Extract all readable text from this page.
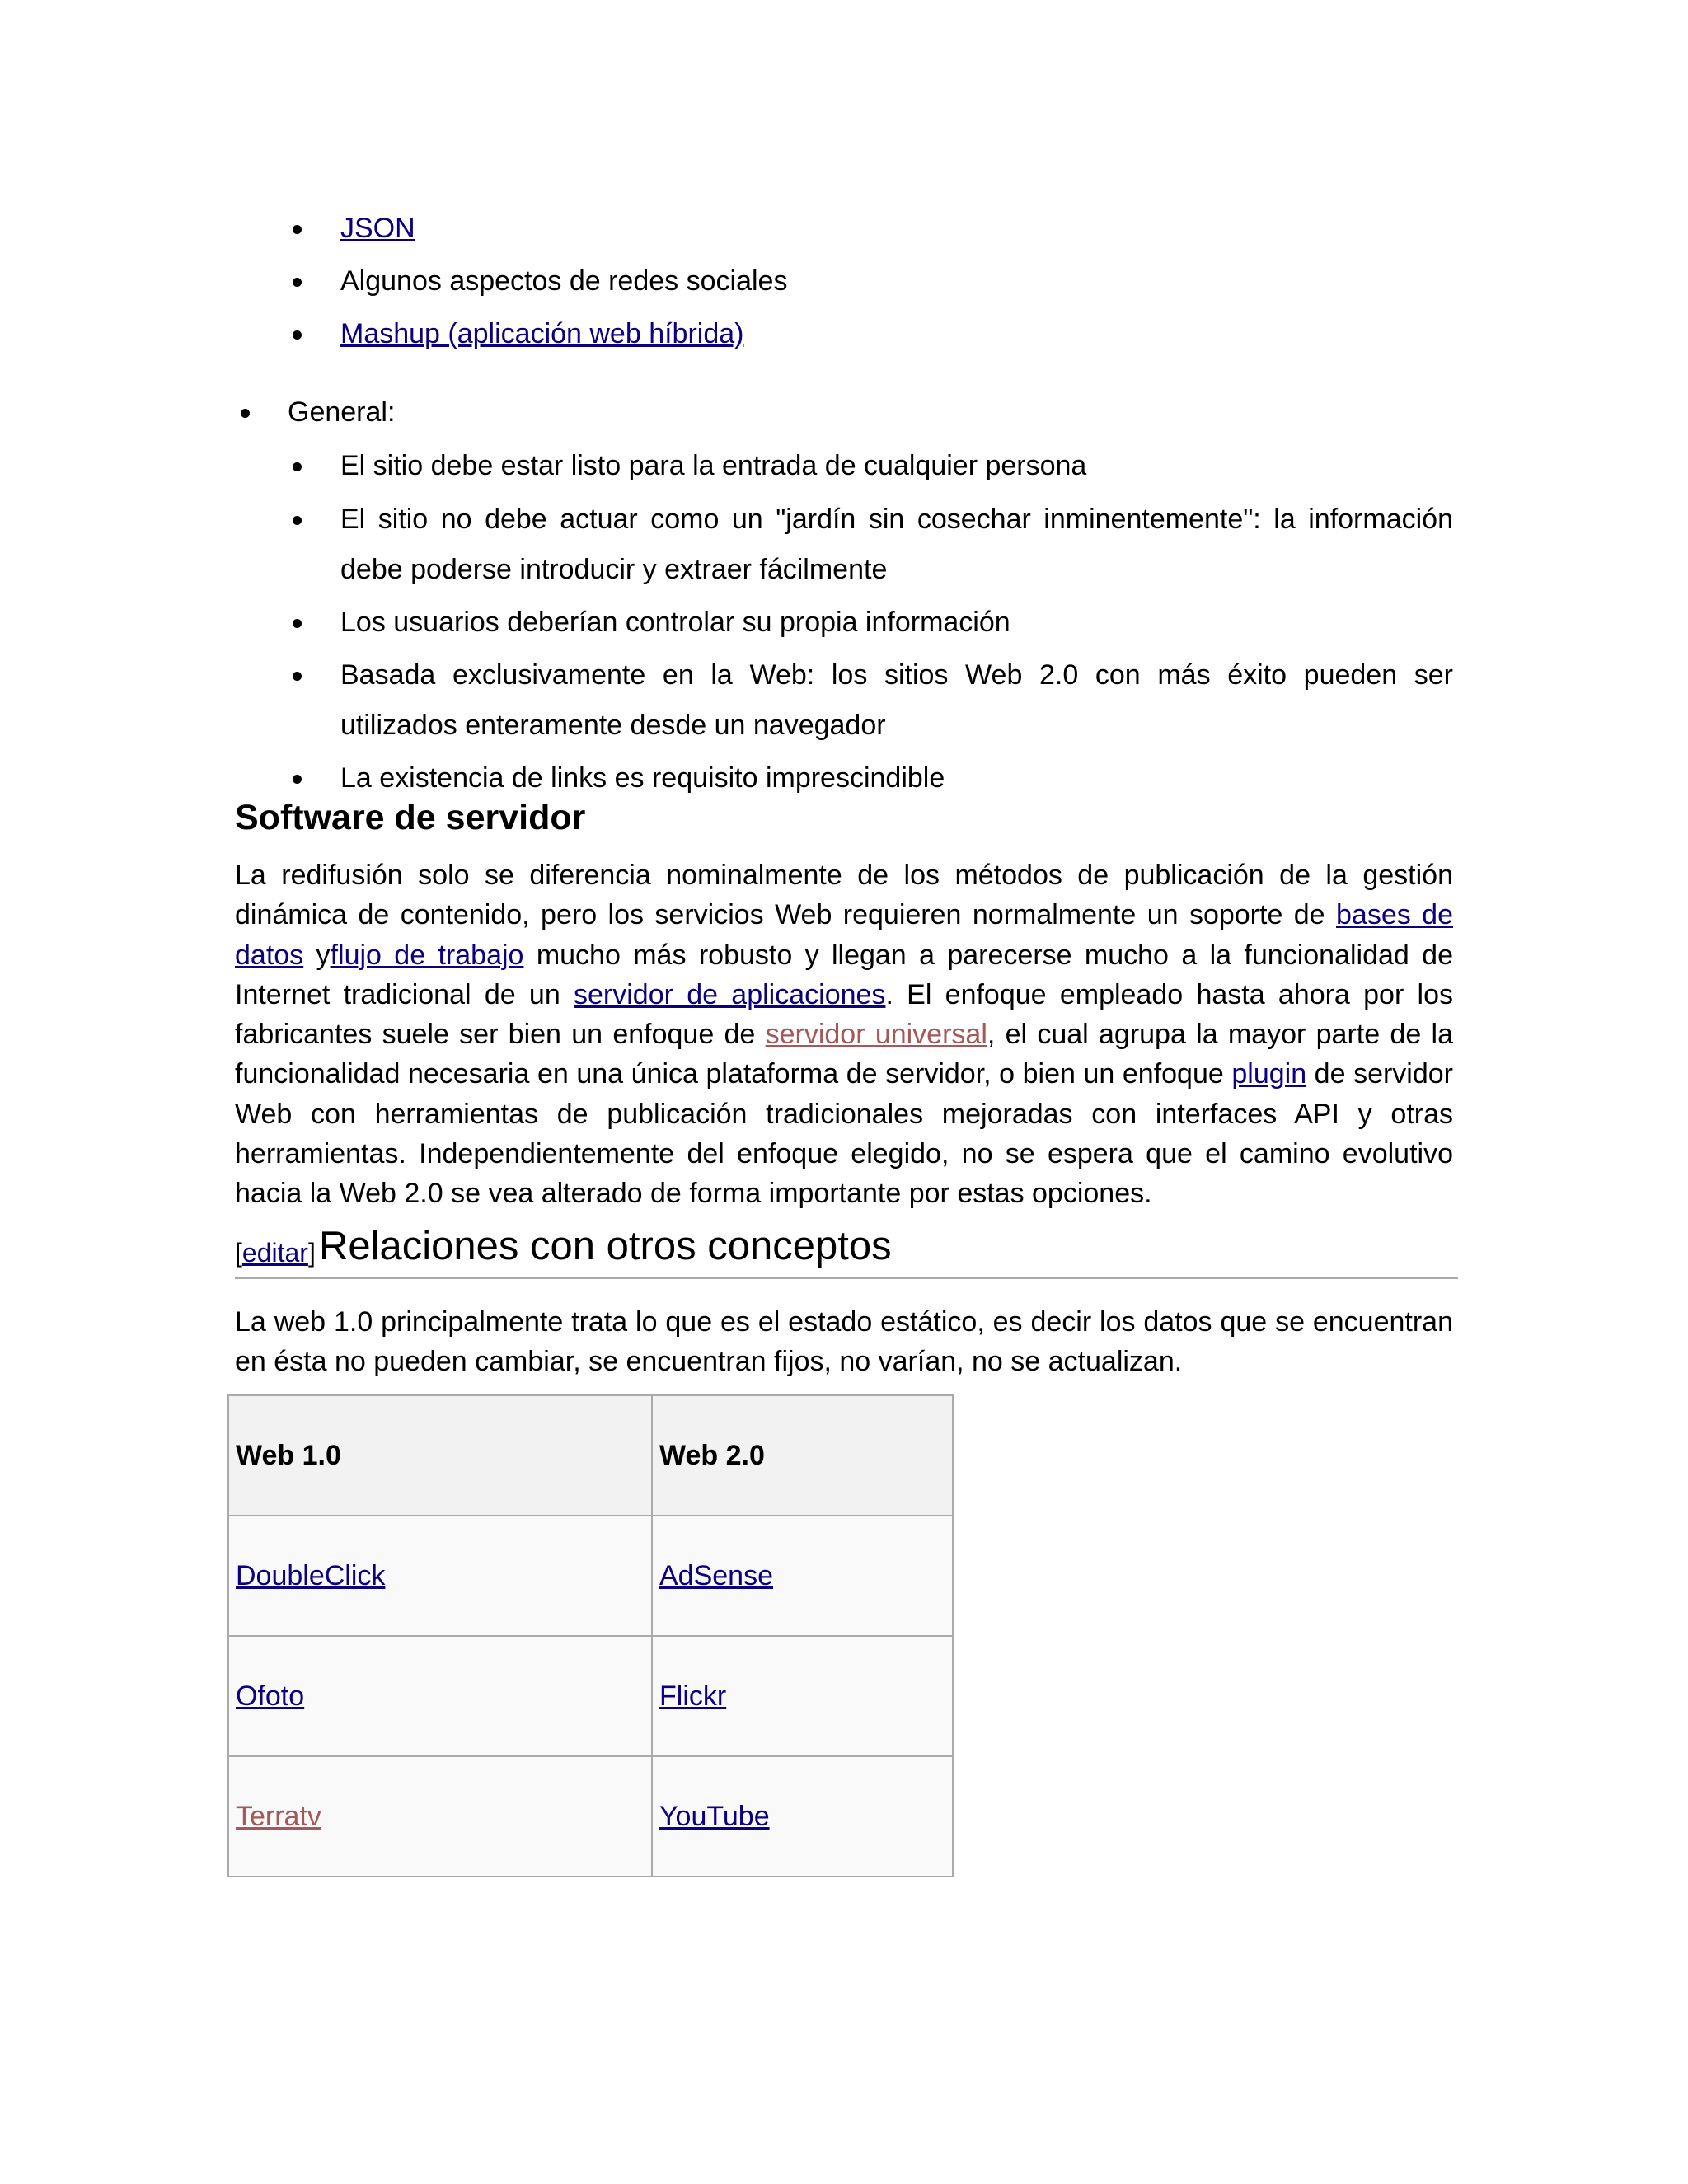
JSON
Algunos aspectos de redes sociales
Mashup (aplicación web híbrida)
General:
El sitio debe estar listo para la entrada de cualquier persona
El sitio no debe actuar como un "jardín sin cosechar inminentemente": la información debe poderse introducir y extraer fácilmente
Los usuarios deberían controlar su propia información
Basada exclusivamente en la Web: los sitios Web 2.0 con más éxito pueden ser utilizados enteramente desde un navegador
La existencia de links es requisito imprescindible
Software de servidor

La redifusión solo se diferencia nominalmente de los métodos de publicación de la gestión dinámica de contenido, pero los servicios Web requieren normalmente un soporte de bases de datos yflujo de trabajo mucho más robusto y llegan a parecerse mucho a la funcionalidad de Internet tradicional de un servidor de aplicaciones. El enfoque empleado hasta ahora por los fabricantes suele ser bien un enfoque de servidor universal, el cual agrupa la mayor parte de la funcionalidad necesaria en una única plataforma de servidor, o bien un enfoque plugin de servidor Web con herramientas de publicación tradicionales mejoradas con interfaces API y otras herramientas. Independientemente del enfoque elegido, no se espera que el camino evolutivo hacia la Web 2.0 se vea alterado de forma importante por estas opciones.

[editar] Relaciones con otros conceptos

La web 1.0 principalmente trata lo que es el estado estático, es decir los datos que se encuentran en ésta no pueden cambiar, se encuentran fijos, no varían, no se actualizan.

Web 1.0	Web 2.0
DoubleClick	AdSense
Ofoto	Flickr
Terratv	YouTube
